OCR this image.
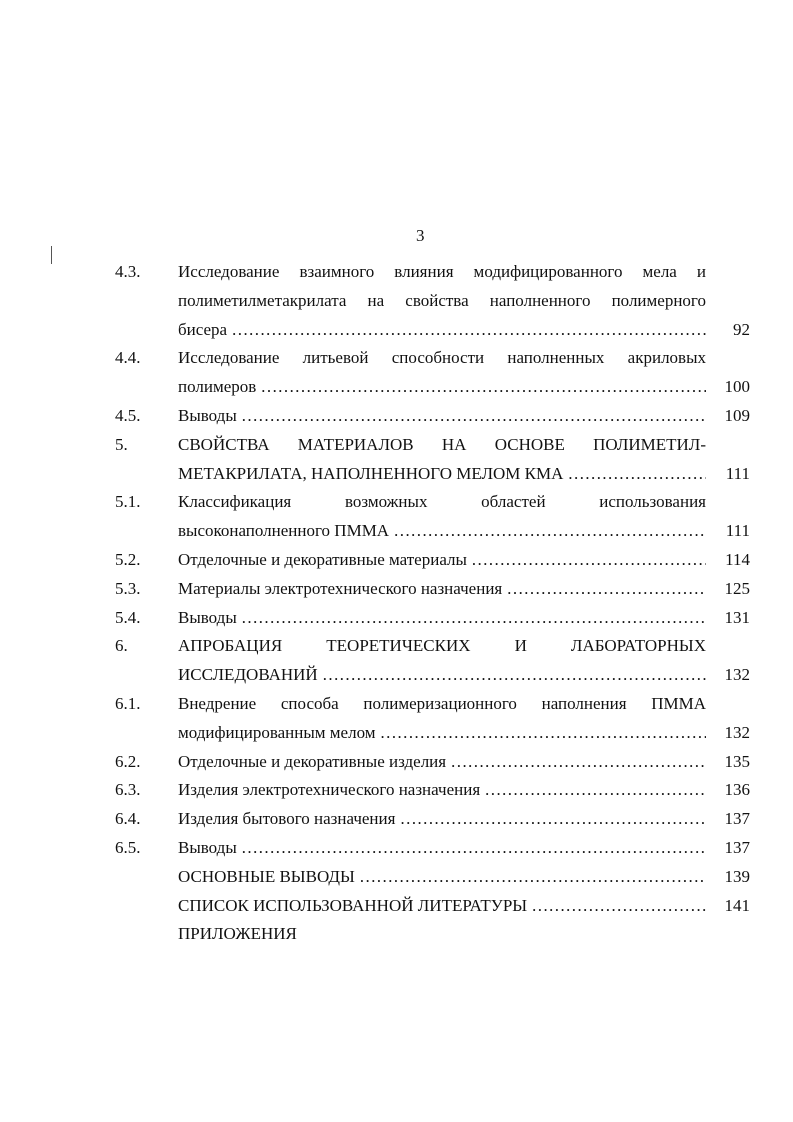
3
4.3. Исследование взаимного влияния модифицированного мела и
полиметилметакрилата на свойства наполненного полимерного
бисера …………………………………………………………………………………………………………………………………	92
4.4. Исследование литьевой способности наполненных акриловых
полимеров …………………………………………………………………………………………………………………………………	100
4.5. Выводы …………………………………………………………………………………………………………………………………	109
5.	СВОЙСТВА МАТЕРИАЛОВ НА ОСНОВЕ ПОЛИМЕТИЛ-
МЕТАКРИЛАТА, НАПОЛНЕННОГО МЕЛОМ КМА …………………………………………………………………………………………………………………………………	111
5.1. Классификация возможных областей использования
высоконаполненного ПММА …………………………………………………………………………………………………………………………………	111
5.2. Отделочные и декоративные материалы …………………………………………………………………………………………………………………………………	114
5.3. Материалы электротехнического назначения …………………………………………………………………………………………………………………………………	125
5.4. Выводы …………………………………………………………………………………………………………………………………	131
6.	АПРОБАЦИЯ ТЕОРЕТИЧЕСКИХ И ЛАБОРАТОРНЫХ
ИССЛЕДОВАНИЙ …………………………………………………………………………………………………………………………………	132
6.1. Внедрение способа полимеризационного наполнения ПММА
модифицированным мелом …………………………………………………………………………………………………………………………………	132
6.2. Отделочные и декоративные изделия …………………………………………………………………………………………………………………………………	135
6.3. Изделия электротехнического назначения …………………………………………………………………………………………………………………………………	136
6.4. Изделия бытового назначения …………………………………………………………………………………………………………………………………	137
6.5. Выводы …………………………………………………………………………………………………………………………………	137
ОСНОВНЫЕ ВЫВОДЫ …………………………………………………………………………………………………………………………………	139
СПИСОК ИСПОЛЬЗОВАННОЙ ЛИТЕРАТУРЫ …………………………………………………………………………………………………………………………………	141
ПРИЛОЖЕНИЯ
